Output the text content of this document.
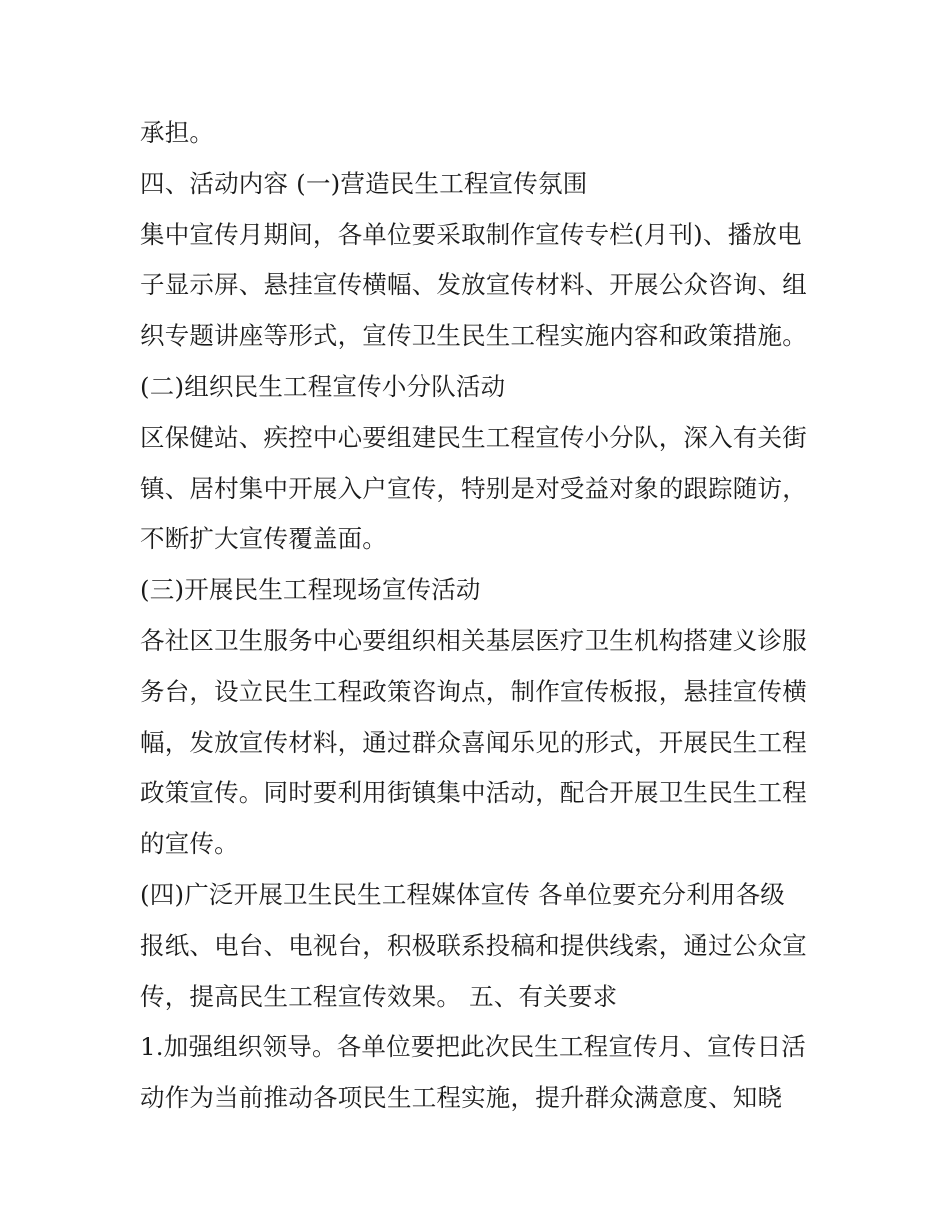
承担。
四、活动内容 (一)营造民生工程宣传氛围
集中宣传月期间，各单位要采取制作宣传专栏(月刊)、播放电
子显示屏、悬挂宣传横幅、发放宣传材料、开展公众咨询、组
织专题讲座等形式，宣传卫生民生工程实施内容和政策措施。
(二)组织民生工程宣传小分队活动
区保健站、疾控中心要组建民生工程宣传小分队，深入有关街
镇、居村集中开展入户宣传，特别是对受益对象的跟踪随访，
不断扩大宣传覆盖面。
(三)开展民生工程现场宣传活动
各社区卫生服务中心要组织相关基层医疗卫生机构搭建义诊服
务台，设立民生工程政策咨询点，制作宣传板报，悬挂宣传横
幅，发放宣传材料，通过群众喜闻乐见的形式，开展民生工程
政策宣传。同时要利用街镇集中活动，配合开展卫生民生工程
的宣传。
(四)广泛开展卫生民生工程媒体宣传 各单位要充分利用各级
报纸、电台、电视台，积极联系投稿和提供线索，通过公众宣
传，提高民生工程宣传效果。 五、有关要求
1.加强组织领导。各单位要把此次民生工程宣传月、宣传日活
动作为当前推动各项民生工程实施，提升群众满意度、知晓
